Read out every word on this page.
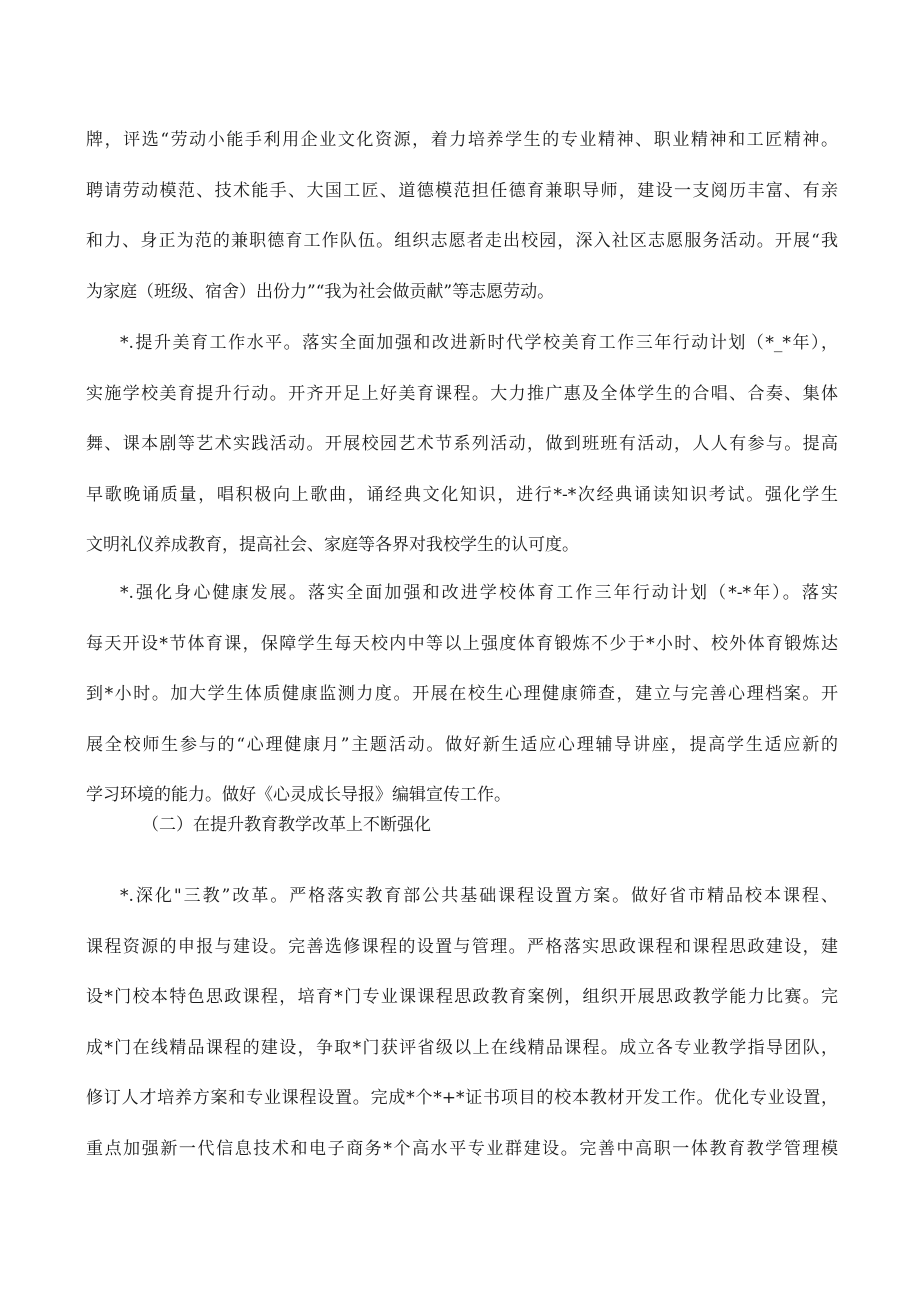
牌，评选“劳动小能手利用企业文化资源，着力培养学生的专业精神、职业精神和工匠精神。
聘请劳动模范、技术能手、大国工匠、道德模范担任德育兼职导师，建设一支阅历丰富、有亲
和力、身正为范的兼职德育工作队伍。组织志愿者走出校园，深入社区志愿服务活动。开展“我
为家庭（班级、宿舍）出份力”“我为社会做贡献”等志愿劳动。
*.提升美育工作水平。落实全面加强和改进新时代学校美育工作三年行动计划（*_*年），
实施学校美育提升行动。开齐开足上好美育课程。大力推广惠及全体学生的合唱、合奏、集体
舞、课本剧等艺术实践活动。开展校园艺术节系列活动，做到班班有活动，人人有参与。提高
早歌晚诵质量，唱积极向上歌曲，诵经典文化知识，进行*-*次经典诵读知识考试。强化学生
文明礼仪养成教育，提高社会、家庭等各界对我校学生的认可度。
*.强化身心健康发展。落实全面加强和改进学校体育工作三年行动计划（*-*年）。落实
每天开设*节体育课，保障学生每天校内中等以上强度体育锻炼不少于*小时、校外体育锻炼达
到*小时。加大学生体质健康监测力度。开展在校生心理健康筛查，建立与完善心理档案。开
展全校师生参与的“心理健康月”主题活动。做好新生适应心理辅导讲座，提高学生适应新的
学习环境的能力。做好《心灵成长导报》编辑宣传工作。
（二）在提升教育教学改革上不断强化
*.深化"三教”改革。严格落实教育部公共基础课程设置方案。做好省市精品校本课程、
课程资源的申报与建设。完善选修课程的设置与管理。严格落实思政课程和课程思政建设，建
设*门校本特色思政课程，培育*门专业课课程思政教育案例，组织开展思政教学能力比赛。完
成*门在线精品课程的建设，争取*门获评省级以上在线精品课程。成立各专业教学指导团队，
修订人才培养方案和专业课程设置。完成*个*+*证书项目的校本教材开发工作。优化专业设置，
重点加强新一代信息技术和电子商务*个高水平专业群建设。完善中高职一体教育教学管理模
